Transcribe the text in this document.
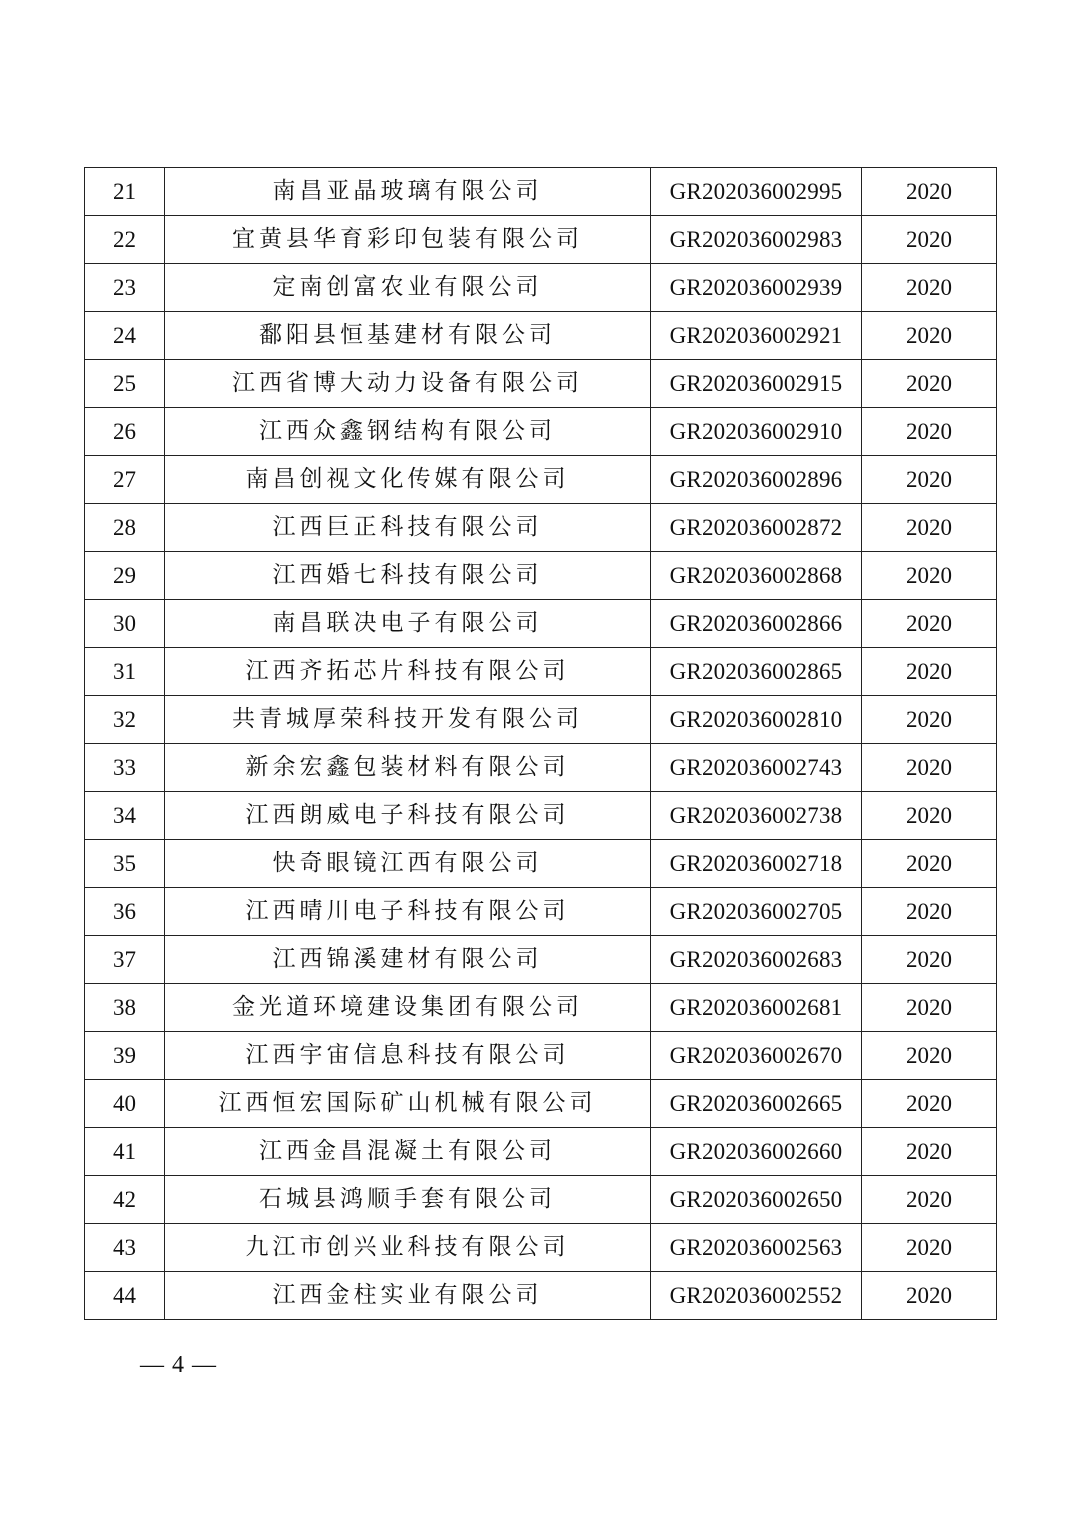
21	南昌亚晶玻璃有限公司	GR202036002995	2020
22	宜黄县华育彩印包装有限公司	GR202036002983	2020
23	定南创富农业有限公司	GR202036002939	2020
24	鄱阳县恒基建材有限公司	GR202036002921	2020
25	江西省博大动力设备有限公司	GR202036002915	2020
26	江西众鑫钢结构有限公司	GR202036002910	2020
27	南昌创视文化传媒有限公司	GR202036002896	2020
28	江西巨正科技有限公司	GR202036002872	2020
29	江西婚七科技有限公司	GR202036002868	2020
30	南昌联决电子有限公司	GR202036002866	2020
31	江西齐拓芯片科技有限公司	GR202036002865	2020
32	共青城厚荣科技开发有限公司	GR202036002810	2020
33	新余宏鑫包装材料有限公司	GR202036002743	2020
34	江西朗威电子科技有限公司	GR202036002738	2020
35	快奇眼镜江西有限公司	GR202036002718	2020
36	江西晴川电子科技有限公司	GR202036002705	2020
37	江西锦溪建材有限公司	GR202036002683	2020
38	金光道环境建设集团有限公司	GR202036002681	2020
39	江西宇宙信息科技有限公司	GR202036002670	2020
40	江西恒宏国际矿山机械有限公司	GR202036002665	2020
41	江西金昌混凝土有限公司	GR202036002660	2020
42	石城县鸿顺手套有限公司	GR202036002650	2020
43	九江市创兴业科技有限公司	GR202036002563	2020
44	江西金柱实业有限公司	GR202036002552	2020
— 4 —
